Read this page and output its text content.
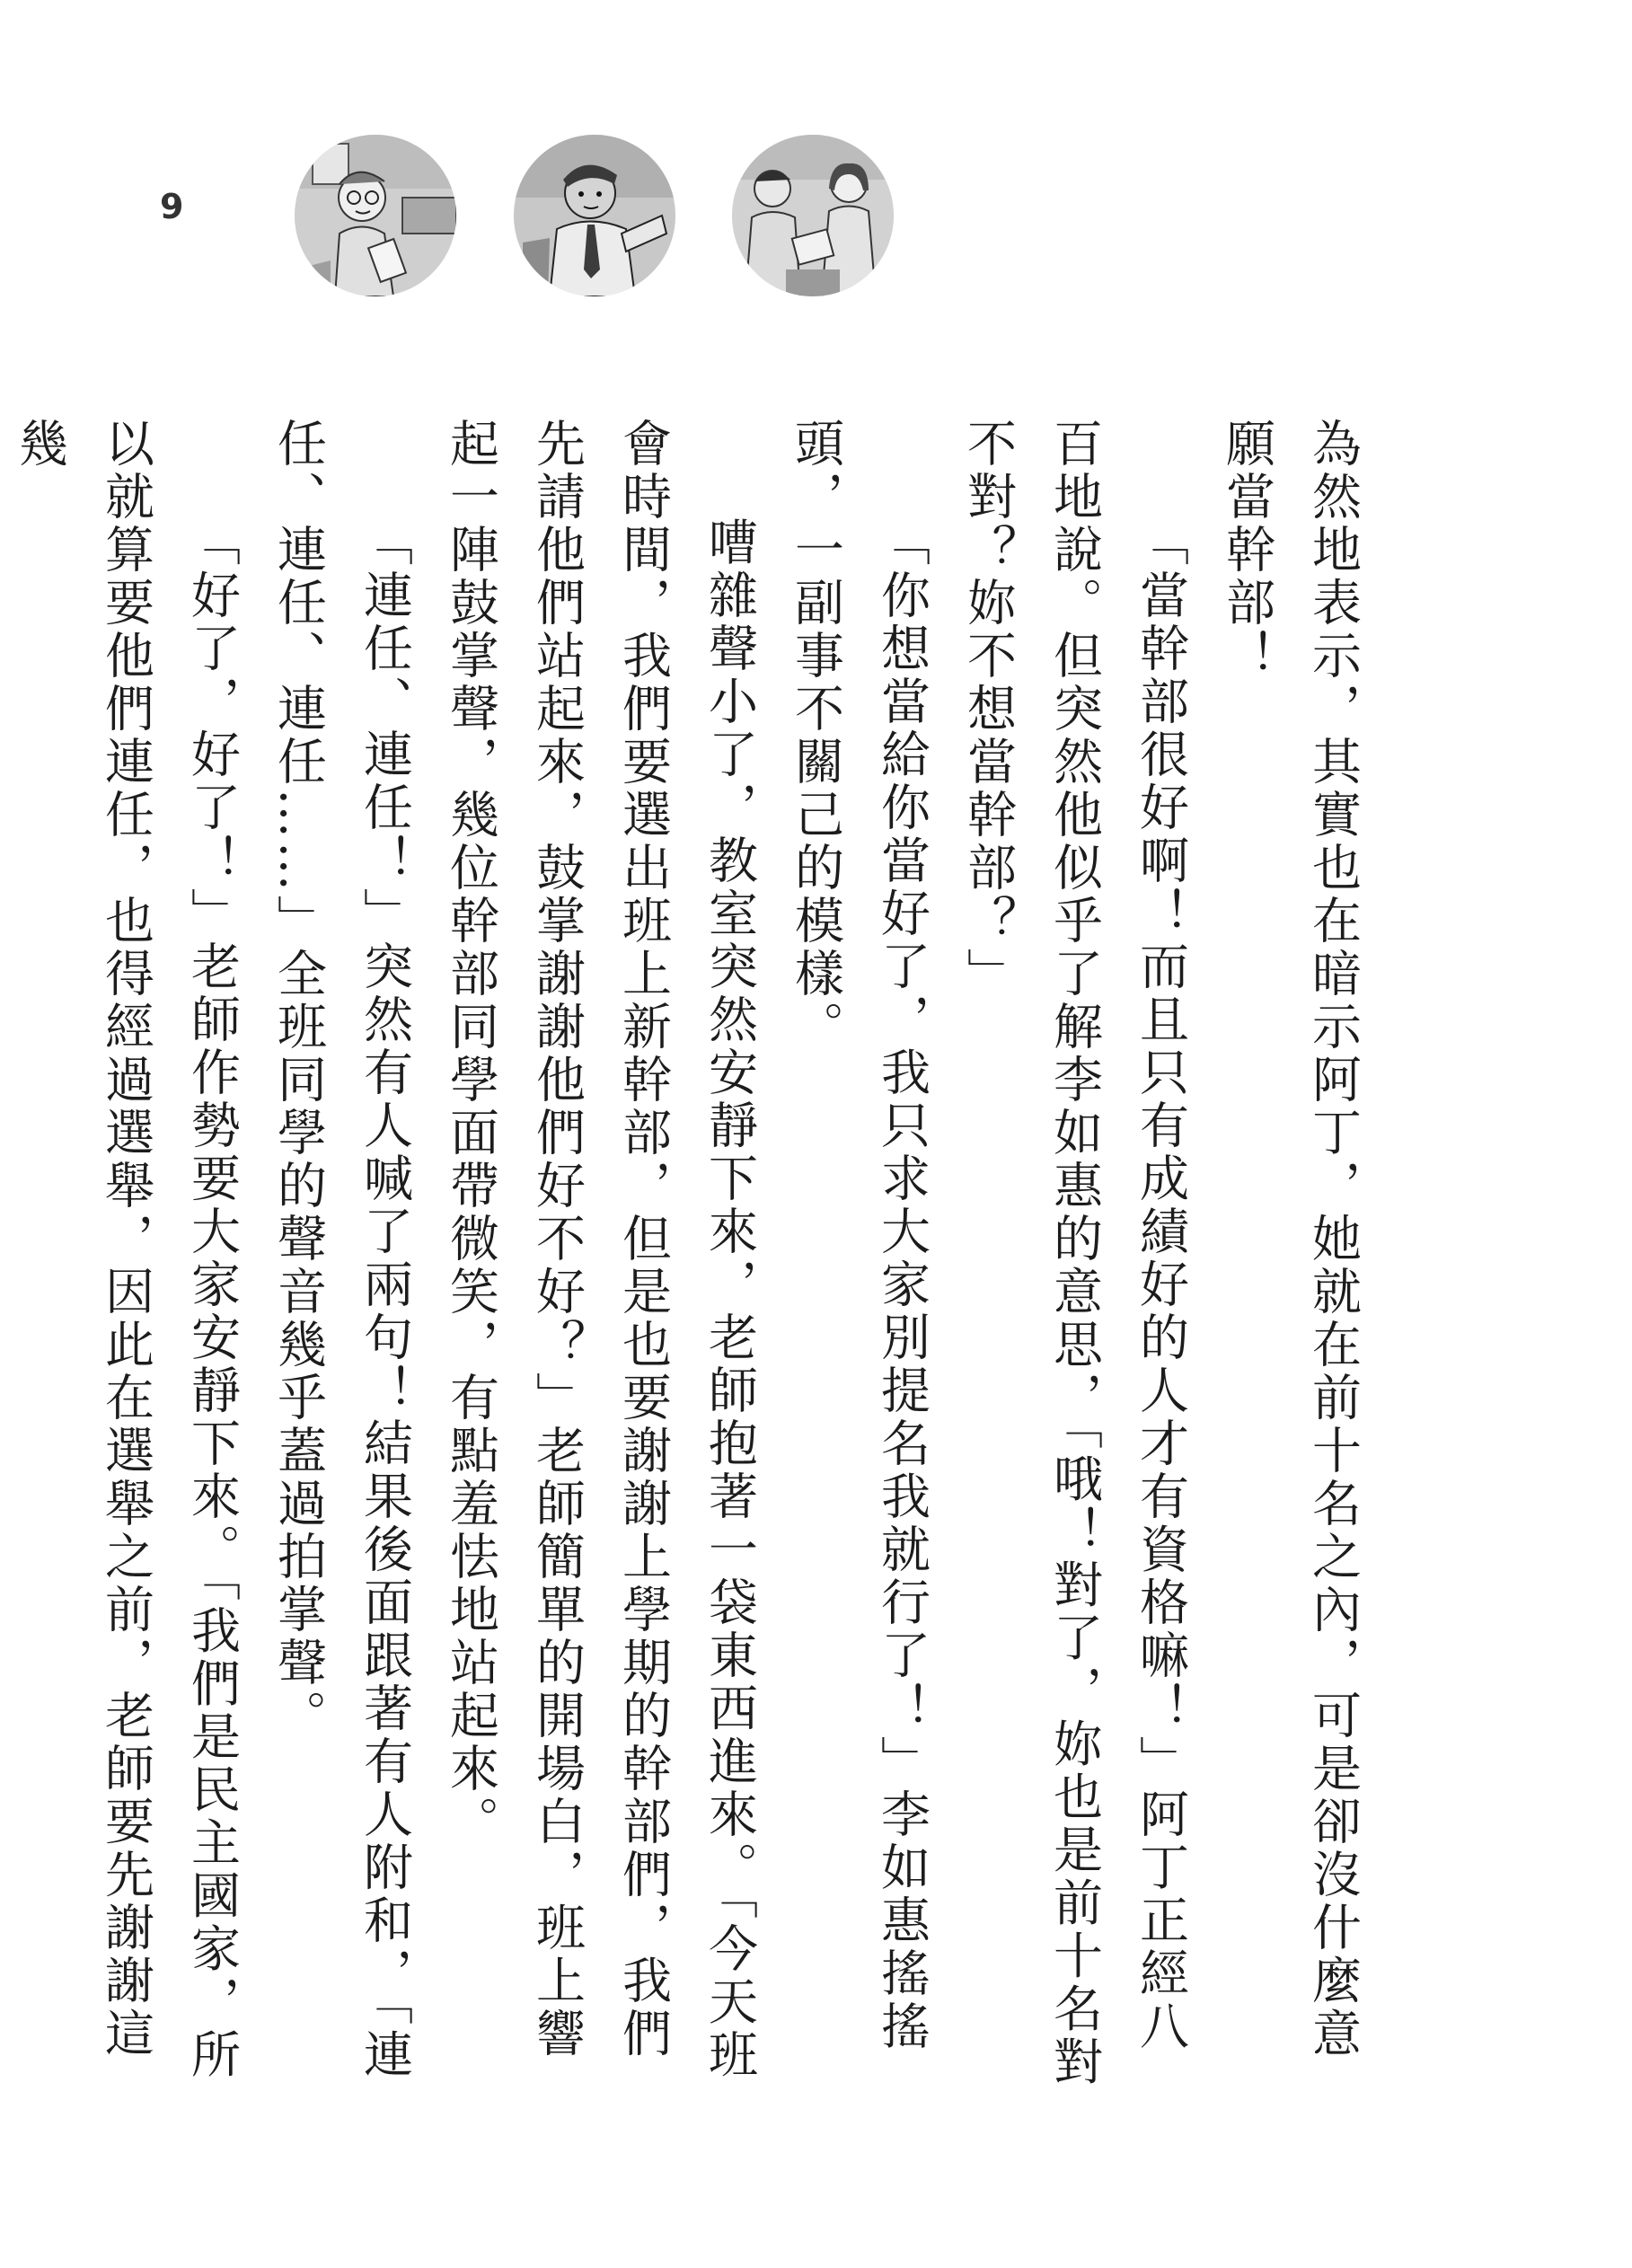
9

為然地表示，其實也在暗示阿丁，她就在前十名之內，可是卻沒什麼意願當幹部！

「當幹部很好啊！而且只有成績好的人才有資格嘛！」阿丁正經八百地說。但突然他似乎了解李如惠的意思，「哦！對了，妳也是前十名對不對？妳不想當幹部？」

「你想當給你當好了，我只求大家別提名我就行了！」李如惠搖搖頭，一副事不關己的模樣。

嘈雜聲小了，教室突然安靜下來，老師抱著一袋東西進來。「今天班會時間，我們要選出班上新幹部，但是也要謝謝上學期的幹部們，我們先請他們站起來，鼓掌謝謝他們好不好？」老師簡單的開場白，班上響起一陣鼓掌聲，幾位幹部同學面帶微笑，有點羞怯地站起來。

「連任、連任！」突然有人喊了兩句！結果後面跟著有人附和，「連任、連任、連任……」全班同學的聲音幾乎蓋過拍掌聲。

「好了，好了！」老師作勢要大家安靜下來。「我們是民主國家，所以就算要他們連任，也得經過選舉，因此在選舉之前，老師要先謝謝這幾
